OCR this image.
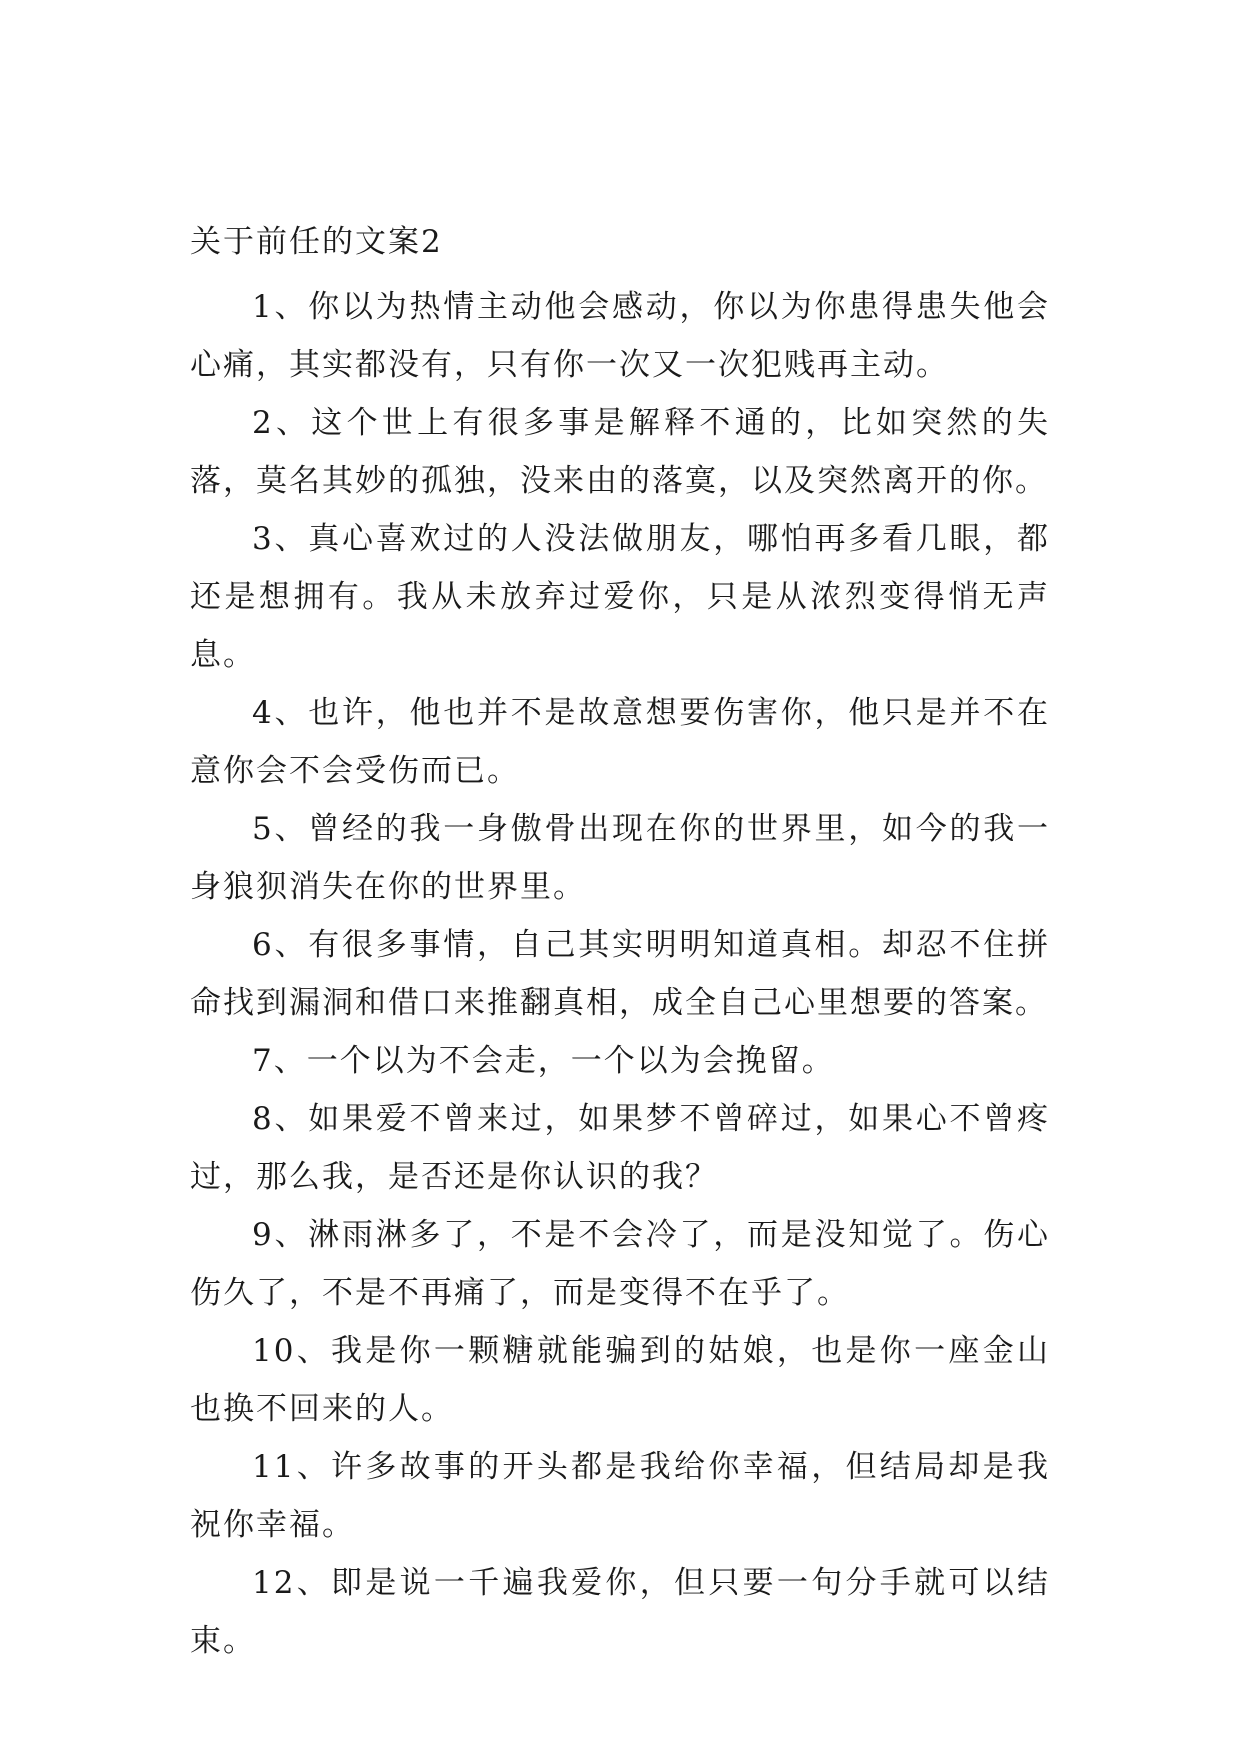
关于前任的文案2

1、你以为热情主动他会感动，你以为你患得患失他会心痛，其实都没有，只有你一次又一次犯贱再主动。

2、这个世上有很多事是解释不通的，比如突然的失落，莫名其妙的孤独，没来由的落寞，以及突然离开的你。

3、真心喜欢过的人没法做朋友，哪怕再多看几眼，都还是想拥有。我从未放弃过爱你，只是从浓烈变得悄无声息。

4、也许，他也并不是故意想要伤害你，他只是并不在意你会不会受伤而已。

5、曾经的我一身傲骨出现在你的世界里，如今的我一身狼狈消失在你的世界里。

6、有很多事情，自己其实明明知道真相。却忍不住拼命找到漏洞和借口来推翻真相，成全自己心里想要的答案。

7、一个以为不会走，一个以为会挽留。

8、如果爱不曾来过，如果梦不曾碎过，如果心不曾疼过，那么我，是否还是你认识的我？

9、淋雨淋多了，不是不会冷了，而是没知觉了。伤心伤久了，不是不再痛了，而是变得不在乎了。

10、我是你一颗糖就能骗到的姑娘，也是你一座金山也换不回来的人。

11、许多故事的开头都是我给你幸福，但结局却是我祝你幸福。

12、即是说一千遍我爱你，但只要一句分手就可以结束。
